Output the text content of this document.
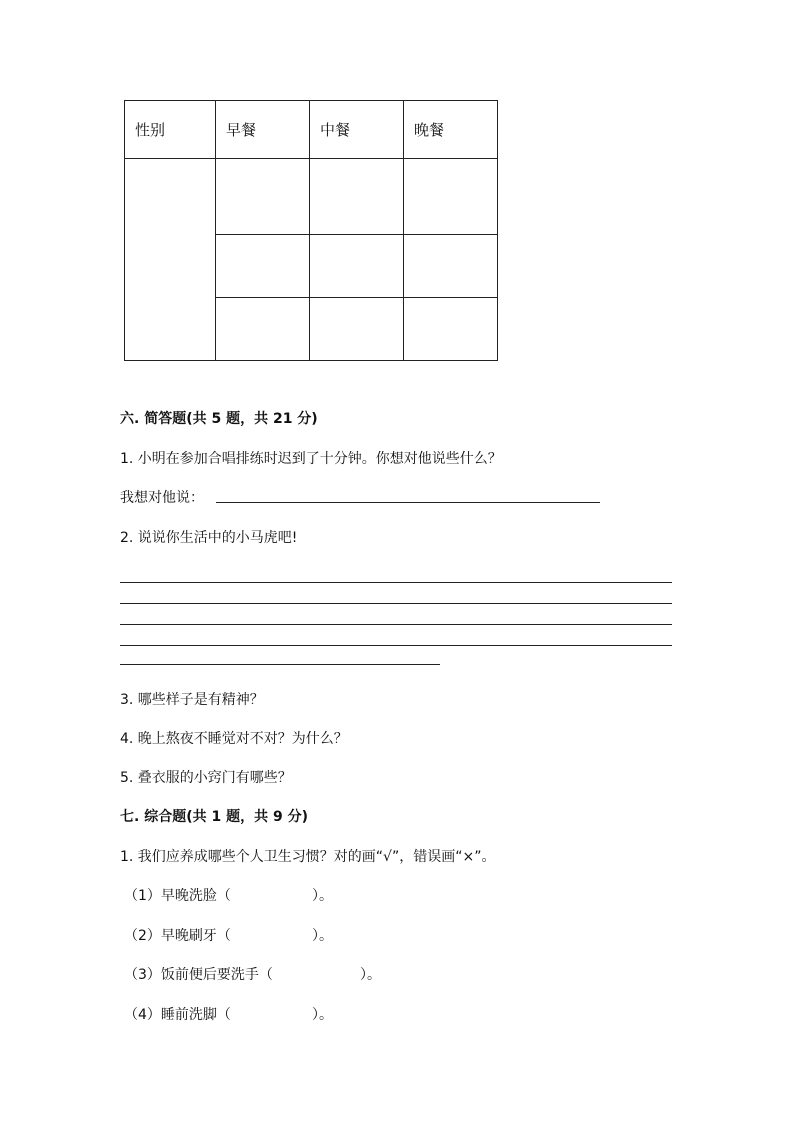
性别	早餐	中餐	晚餐

六. 简答题(共 5 题，共 21 分)
1. 小明在参加合唱排练时迟到了十分钟。你想对他说些什么？
我想对他说：
2. 说说你生活中的小马虎吧!
3. 哪些样子是有精神？
4. 晚上熬夜不睡觉对不对？为什么？
5. 叠衣服的小窍门有哪些？
七. 综合题(共 1 题，共 9 分)
1. 我们应养成哪些个人卫生习惯？对的画“√”，错误画“×”。
（1）早晚洗脸（	）。
（2）早晚刷牙（	）。
（3）饭前便后要洗手（	）。
（4）睡前洗脚（	）。
